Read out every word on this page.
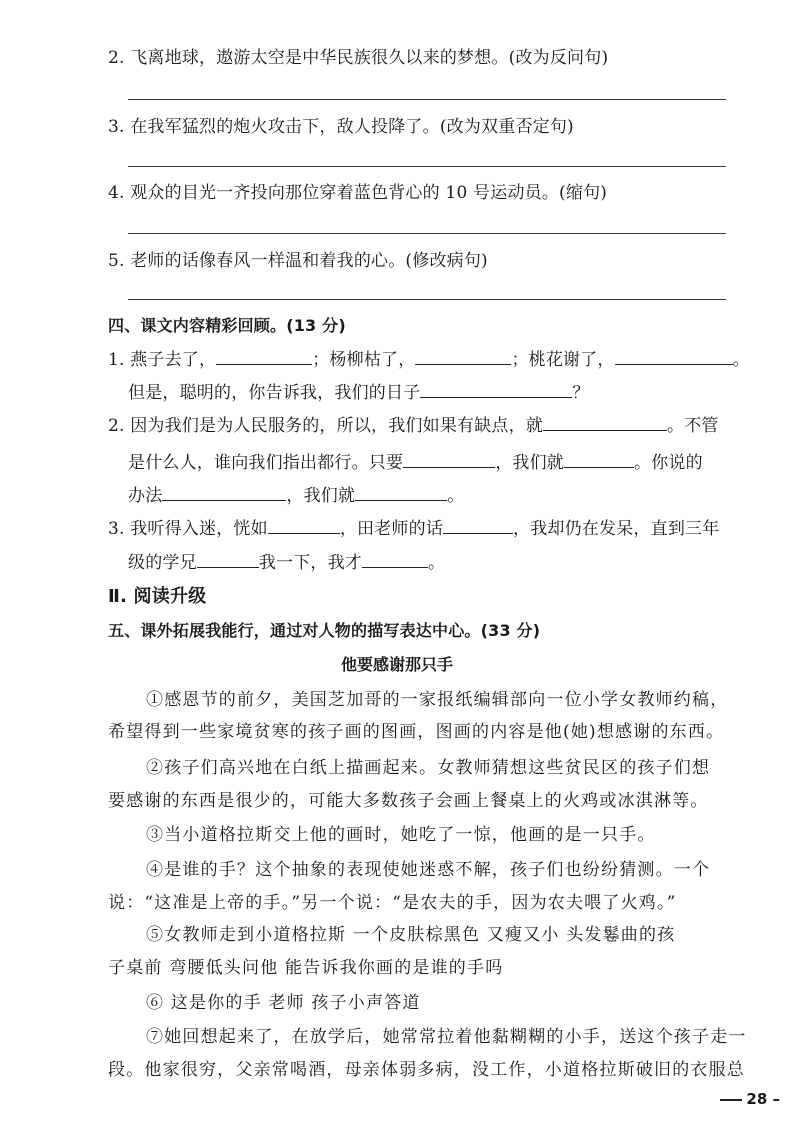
2. 飞离地球，遨游太空是中华民族很久以来的梦想。(改为反问句)
3. 在我军猛烈的炮火攻击下，敌人投降了。(改为双重否定句)
4. 观众的目光一齐投向那位穿着蓝色背心的 10 号运动员。(缩句)
5. 老师的话像春风一样温和着我的心。(修改病句)
四、课文内容精彩回顾。(13 分)
1. 燕子去了，	；杨柳枯了，	；桃花谢了，	。
但是，聪明的，你告诉我，我们的日子	？
2. 因为我们是为人民服务的，所以，我们如果有缺点，就	。不管
是什么人，谁向我们指出都行。只要	，我们就	。你说的
办法	，我们就	。
3. 我听得入迷，恍如	，田老师的话	，我却仍在发呆，直到三年
级的学兄	我一下，我才	。
Ⅱ. 阅读升级
五、课外拓展我能行，通过对人物的描写表达中心。(33 分)
他要感谢那只手
①感恩节的前夕，美国芝加哥的一家报纸编辑部向一位小学女教师约稿，
希望得到一些家境贫寒的孩子画的图画，图画的内容是他(她)想感谢的东西。
②孩子们高兴地在白纸上描画起来。女教师猜想这些贫民区的孩子们想
要感谢的东西是很少的，可能大多数孩子会画上餐桌上的火鸡或冰淇淋等。
③当小道格拉斯交上他的画时，她吃了一惊，他画的是一只手。
④是谁的手？这个抽象的表现使她迷惑不解，孩子们也纷纷猜测。一个
说：“这准是上帝的手。”另一个说：“是农夫的手，因为农夫喂了火鸡。”
⑤女教师走到小道格拉斯 一个皮肤棕黑色 又瘦又小 头发鬈曲的孩
子桌前 弯腰低头问他 能告诉我你画的是谁的手吗
⑥ 这是你的手 老师 孩子小声答道
⑦她回想起来了，在放学后，她常常拉着他黏糊糊的小手，送这个孩子走一
段。他家很穷，父亲常喝酒，母亲体弱多病，没工作，小道格拉斯破旧的衣服总
28 –
